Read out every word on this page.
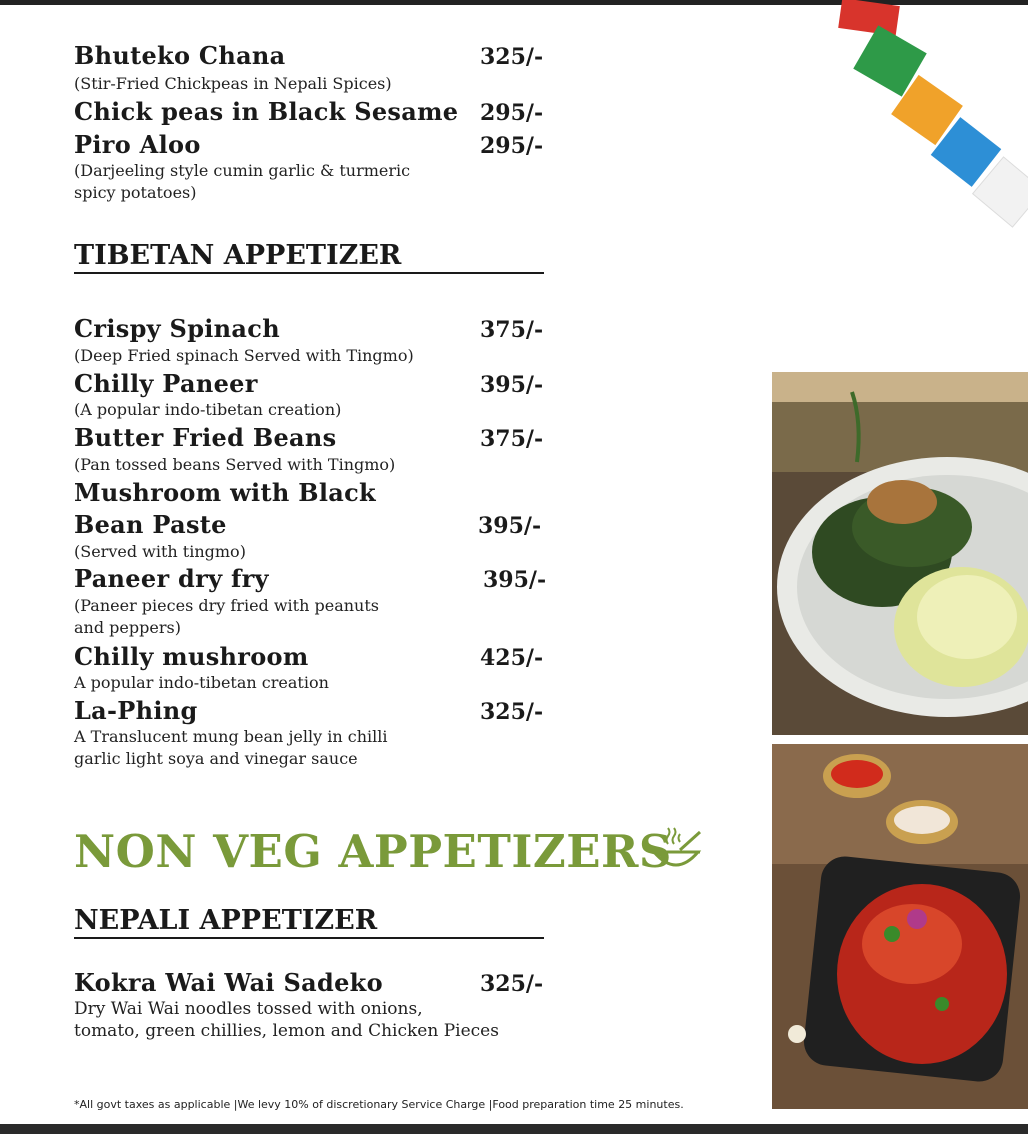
Bhuteko Chana	325/-
(Stir-Fried Chickpeas in Nepali Spices)
Chick peas in Black Sesame 295/-
Piro Aloo	295/-
(Darjeeling style cumin garlic & turmeric
spicy potatoes)
TIBETAN APPETIZER
Crispy Spinach	375/-
(Deep Fried spinach Served with Tingmo)
Chilly Paneer	395/-
(A popular indo-tibetan creation)
Butter Fried Beans	375/-
(Pan tossed beans Served with Tingmo)
Mushroom with Black
Bean Paste	395/-
(Served with tingmo)
Paneer dry fry	395/-
(Paneer pieces dry fried with peanuts
and peppers)
Chilly mushroom	425/-
A popular indo-tibetan creation
La-Phing	325/-
A Translucent mung bean jelly in chilli
garlic light soya and vinegar sauce
NON VEG APPETIZERS
NEPALI APPETIZER
Kokra Wai Wai Sadeko	325/-
Dry Wai Wai noodles tossed with onions,
tomato, green chillies, lemon and Chicken Pieces
*All govt taxes as applicable |We levy 10% of discretionary Service Charge |Food preparation time 25 minutes.
